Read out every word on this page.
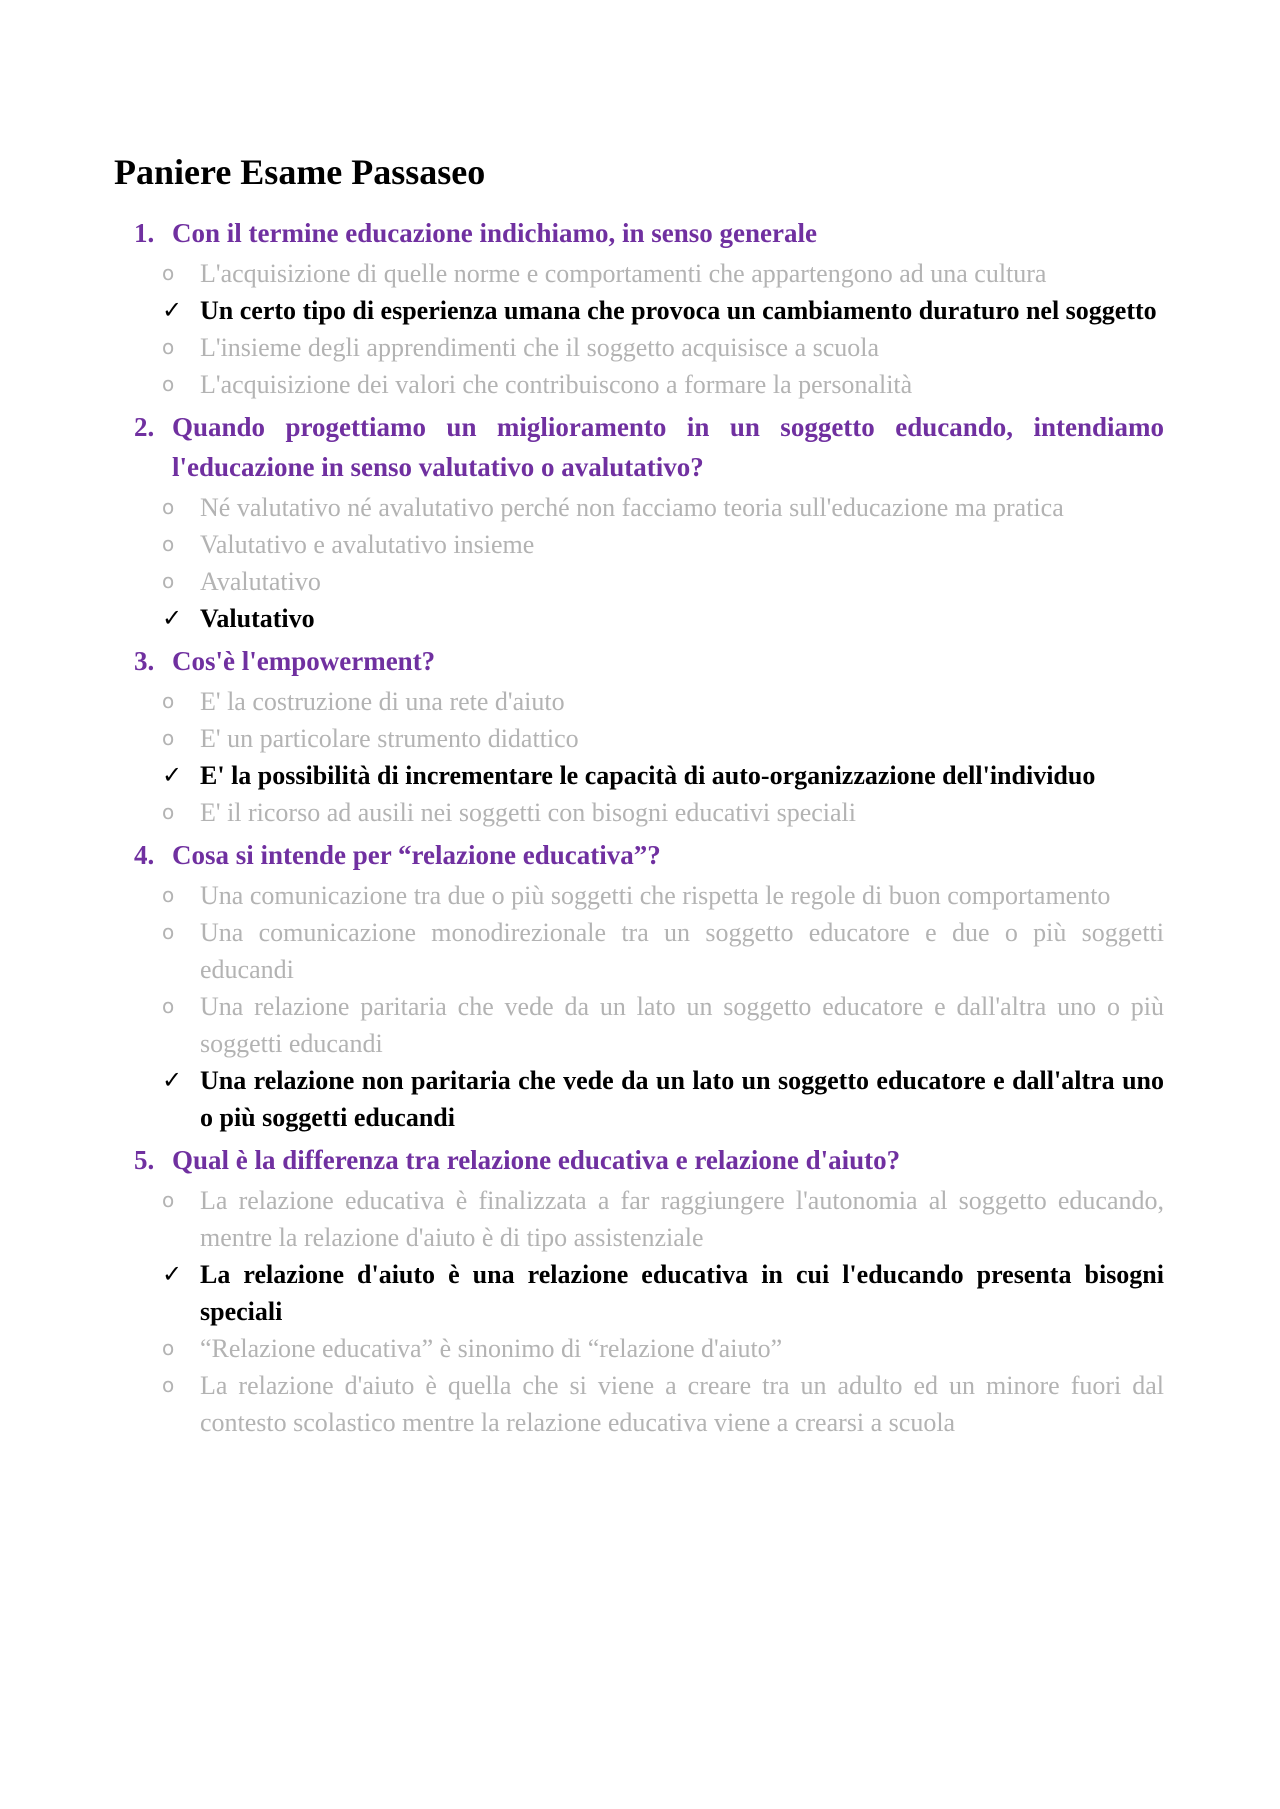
Paniere Esame Passaseo
1. Con il termine educazione indichiamo, in senso generale
o L'acquisizione di quelle norme e comportamenti che appartengono ad una cultura
✓ Un certo tipo di esperienza umana che provoca un cambiamento duraturo nel soggetto
o L'insieme degli apprendimenti che il soggetto acquisisce a scuola
o L'acquisizione dei valori che contribuiscono a formare la personalità
2. Quando progettiamo un miglioramento in un soggetto educando, intendiamo l'educazione in senso valutativo o avalutativo?
o Né valutativo né avalutativo perché non facciamo teoria sull'educazione ma pratica
o Valutativo e avalutativo insieme
o Avalutativo
✓ Valutativo
3. Cos'è l'empowerment?
o E' la costruzione di una rete d'aiuto
o E' un particolare strumento didattico
✓ E' la possibilità di incrementare le capacità di auto-organizzazione dell'individuo
o E' il ricorso ad ausili nei soggetti con bisogni educativi speciali
4. Cosa si intende per “relazione educativa”?
o Una comunicazione tra due o più soggetti che rispetta le regole di buon comportamento
o Una comunicazione monodirezionale tra un soggetto educatore e due o più soggetti educandi
o Una relazione paritaria che vede da un lato un soggetto educatore e dall'altra uno o più soggetti educandi
✓ Una relazione non paritaria che vede da un lato un soggetto educatore e dall'altra uno o più soggetti educandi
5. Qual è la differenza tra relazione educativa e relazione d'aiuto?
o La relazione educativa è finalizzata a far raggiungere l'autonomia al soggetto educando, mentre la relazione d'aiuto è di tipo assistenziale
✓ La relazione d'aiuto è una relazione educativa in cui l'educando presenta bisogni speciali
o “Relazione educativa” è sinonimo di “relazione d'aiuto”
o La relazione d'aiuto è quella che si viene a creare tra un adulto ed un minore fuori dal contesto scolastico mentre la relazione educativa viene a crearsi a scuola
